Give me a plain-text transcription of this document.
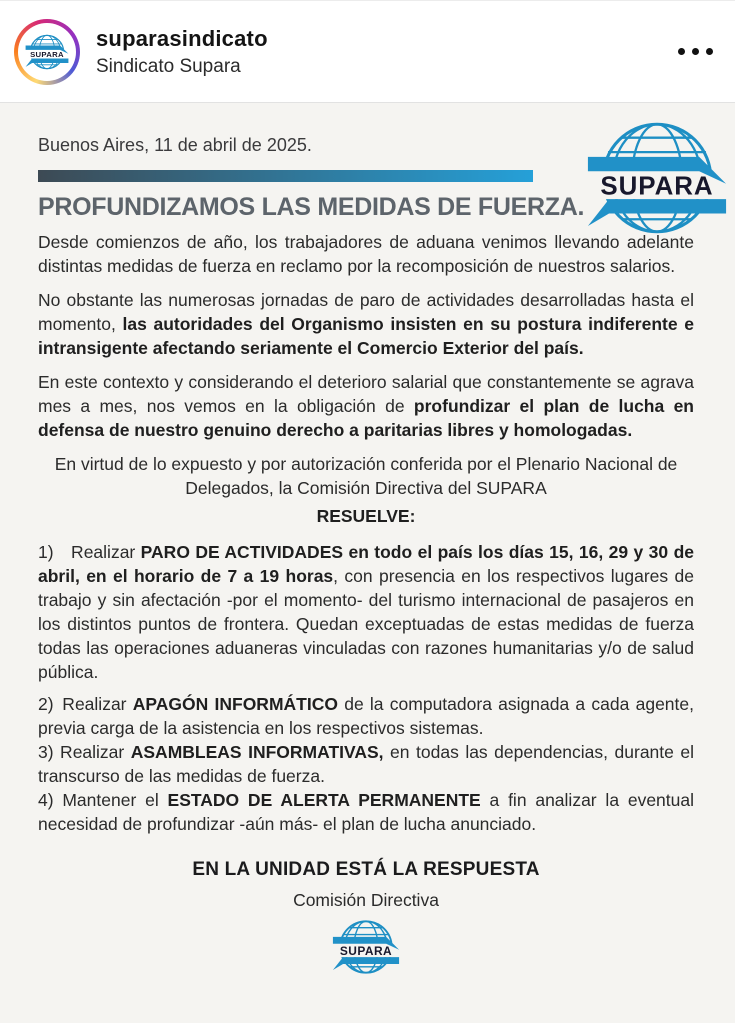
SUPARA
suparasindicato
Sindicato Supara
SUPARA
Buenos Aires, 11 de abril de 2025.
PROFUNDIZAMOS LAS MEDIDAS DE FUERZA.

Desde comienzos de año, los trabajadores de aduana venimos llevando adelante distintas medidas de fuerza en reclamo por la recomposición de nuestros salarios.

No obstante las numerosas jornadas de paro de actividades desarrolladas hasta el momento, las autoridades del Organismo insisten en su postura indiferente e intransigente afectando seriamente el Comercio Exterior del país.

En este contexto y considerando el deterioro salarial que constantemente se agrava mes a mes, nos vemos en la obligación de profundizar el plan de lucha en defensa de nuestro genuino derecho a paritarias libres y homologadas.

En virtud de lo expuesto y por autorización conferida por el Plenario Nacional de Delegados, la Comisión Directiva del SUPARA

RESUELVE:

1) Realizar PARO DE ACTIVIDADES en todo el país los días 15, 16, 29 y 30 de abril, en el horario de 7 a 19 horas, con presencia en los respectivos lugares de trabajo y sin afectación -por el momento- del turismo internacional de pasajeros en los distintos puntos de frontera. Quedan exceptuadas de estas medidas de fuerza todas las operaciones aduaneras vinculadas con razones humanitarias y/o de salud pública.

2) Realizar APAGÓN INFORMÁTICO de la computadora asignada a cada agente, previa carga de la asistencia en los respectivos sistemas.

3) Realizar ASAMBLEAS INFORMATIVAS, en todas las dependencias, durante el transcurso de las medidas de fuerza.

4) Mantener el ESTADO DE ALERTA PERMANENTE a fin analizar la eventual necesidad de profundizar -aún más- el plan de lucha anunciado.

EN LA UNIDAD ESTÁ LA RESPUESTA
Comisión Directiva
SUPARA
